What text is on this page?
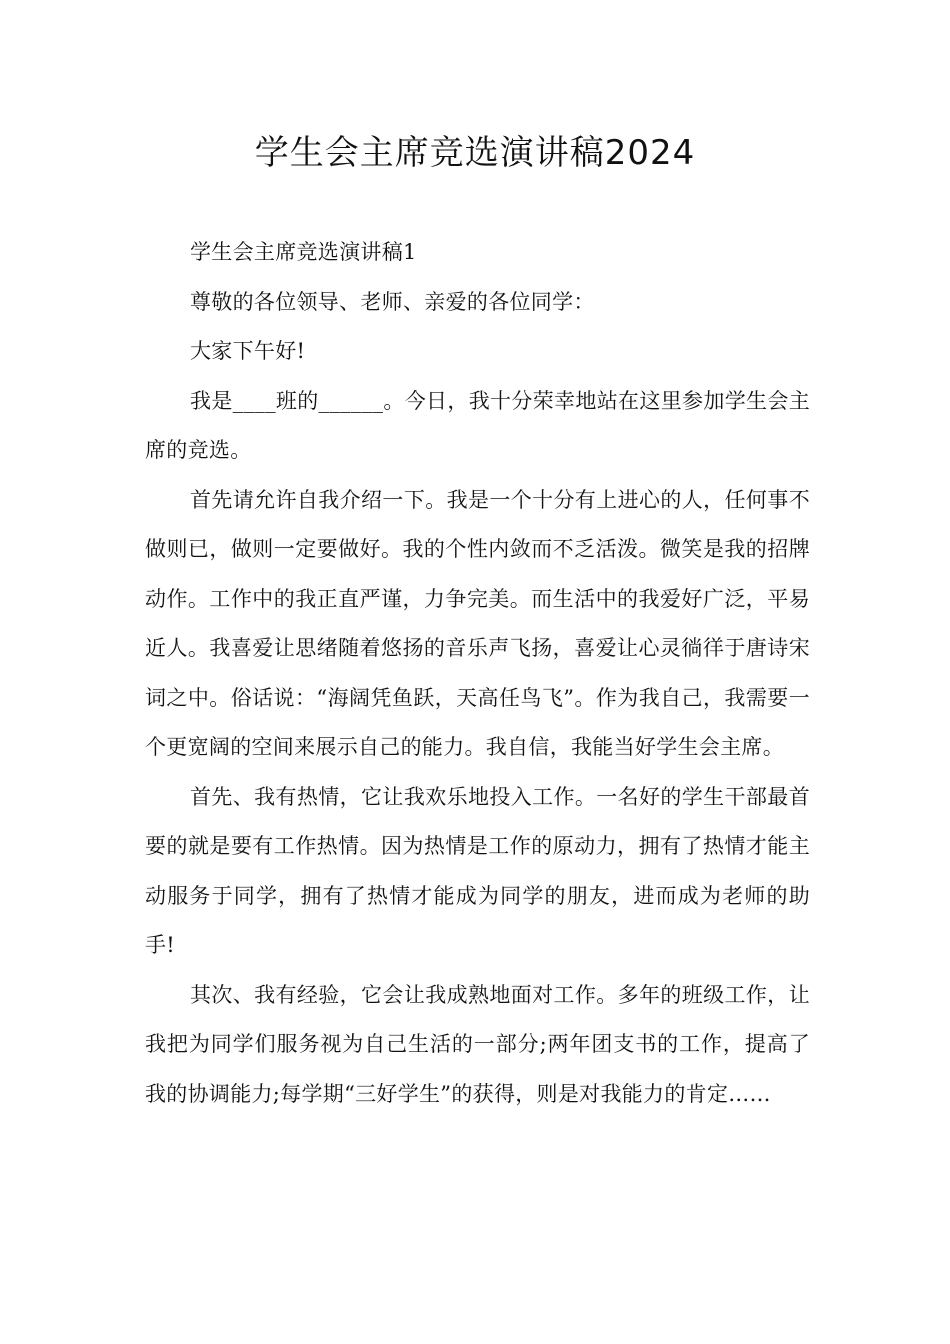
学生会主席竞选演讲稿2024

学生会主席竞选演讲稿1

尊敬的各位领导、老师、亲爱的各位同学：

大家下午好!

我是____班的______。今日，我十分荣幸地站在这里参加学生会主席的竞选。

首先请允许自我介绍一下。我是一个十分有上进心的人，任何事不做则已，做则一定要做好。我的个性内敛而不乏活泼。微笑是我的招牌动作。工作中的我正直严谨，力争完美。而生活中的我爱好广泛，平易近人。我喜爱让思绪随着悠扬的音乐声飞扬，喜爱让心灵徜徉于唐诗宋词之中。俗话说：“海阔凭鱼跃，天高任鸟飞”。作为我自己，我需要一个更宽阔的空间来展示自己的能力。我自信，我能当好学生会主席。

首先、我有热情，它让我欢乐地投入工作。一名好的学生干部最首要的就是要有工作热情。因为热情是工作的原动力，拥有了热情才能主动服务于同学，拥有了热情才能成为同学的朋友，进而成为老师的助手!

其次、我有经验，它会让我成熟地面对工作。多年的班级工作，让我把为同学们服务视为自己生活的一部分;两年团支书的工作，提高了我的协调能力;每学期“三好学生”的获得，则是对我能力的肯定……
